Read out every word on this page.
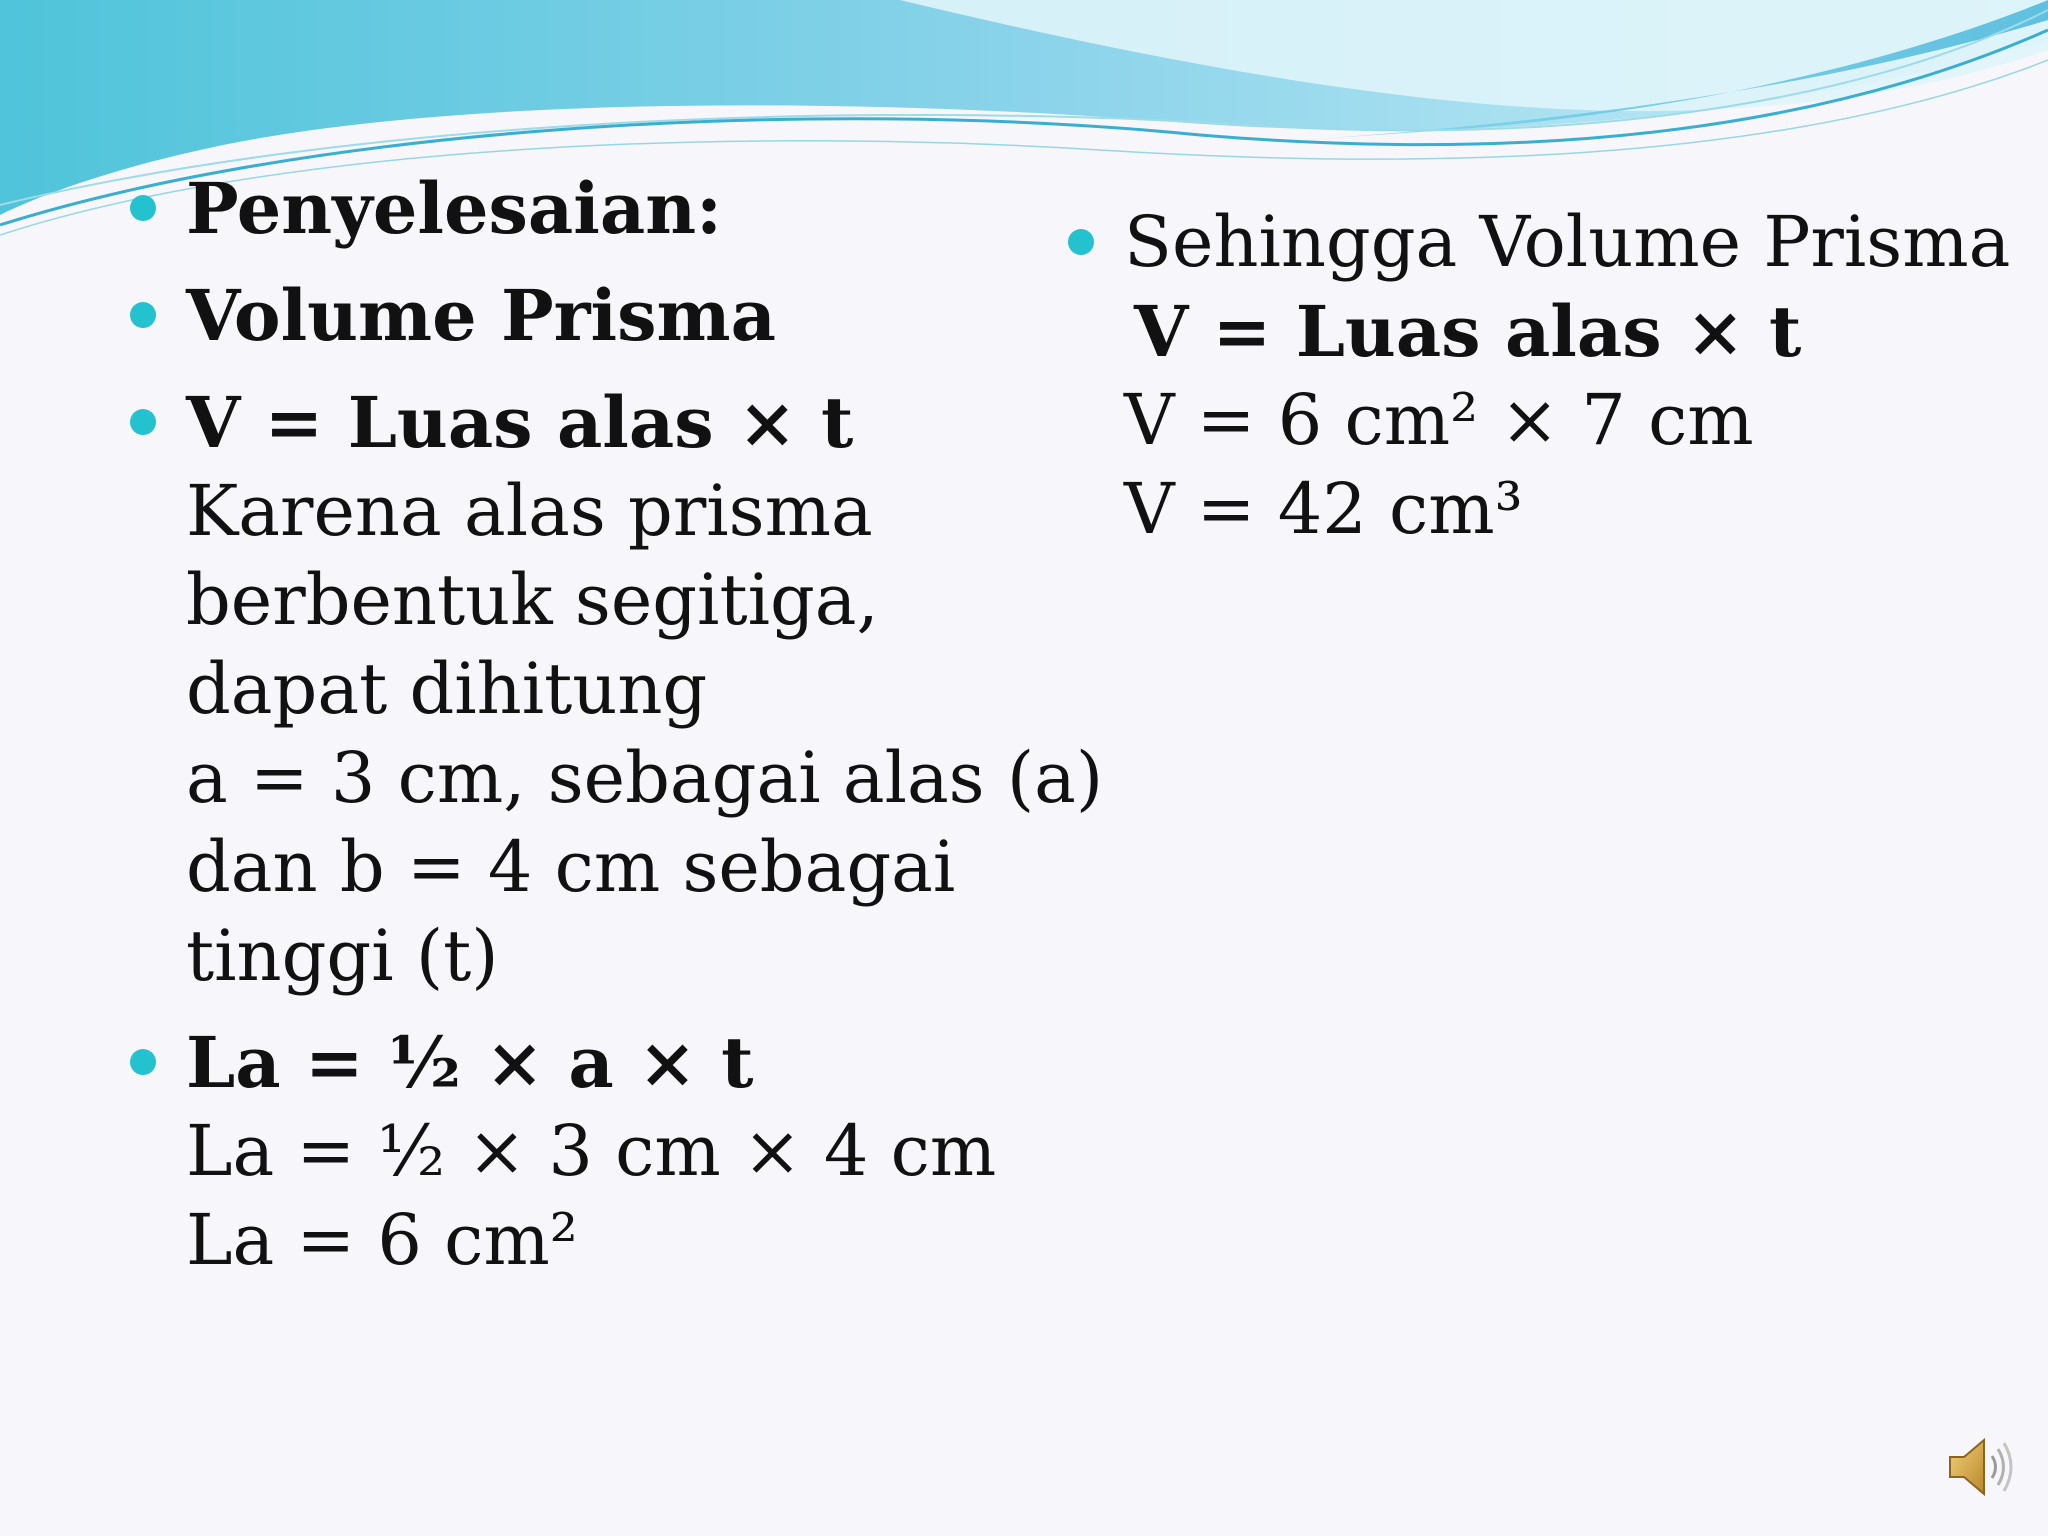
Penyelesaian:
Volume Prisma
V = Luas alas × t
Karena alas prisma
berbentuk segitiga,
dapat dihitung
a = 3 cm, sebagai alas (a)
dan b = 4 cm sebagai
tinggi (t)
La = ½ × a × t
La = ½ × 3 cm × 4 cm
La = 6 cm²
Sehingga Volume Prisma
V = Luas alas × t
V = 6 cm² × 7 cm
V = 42 cm³
